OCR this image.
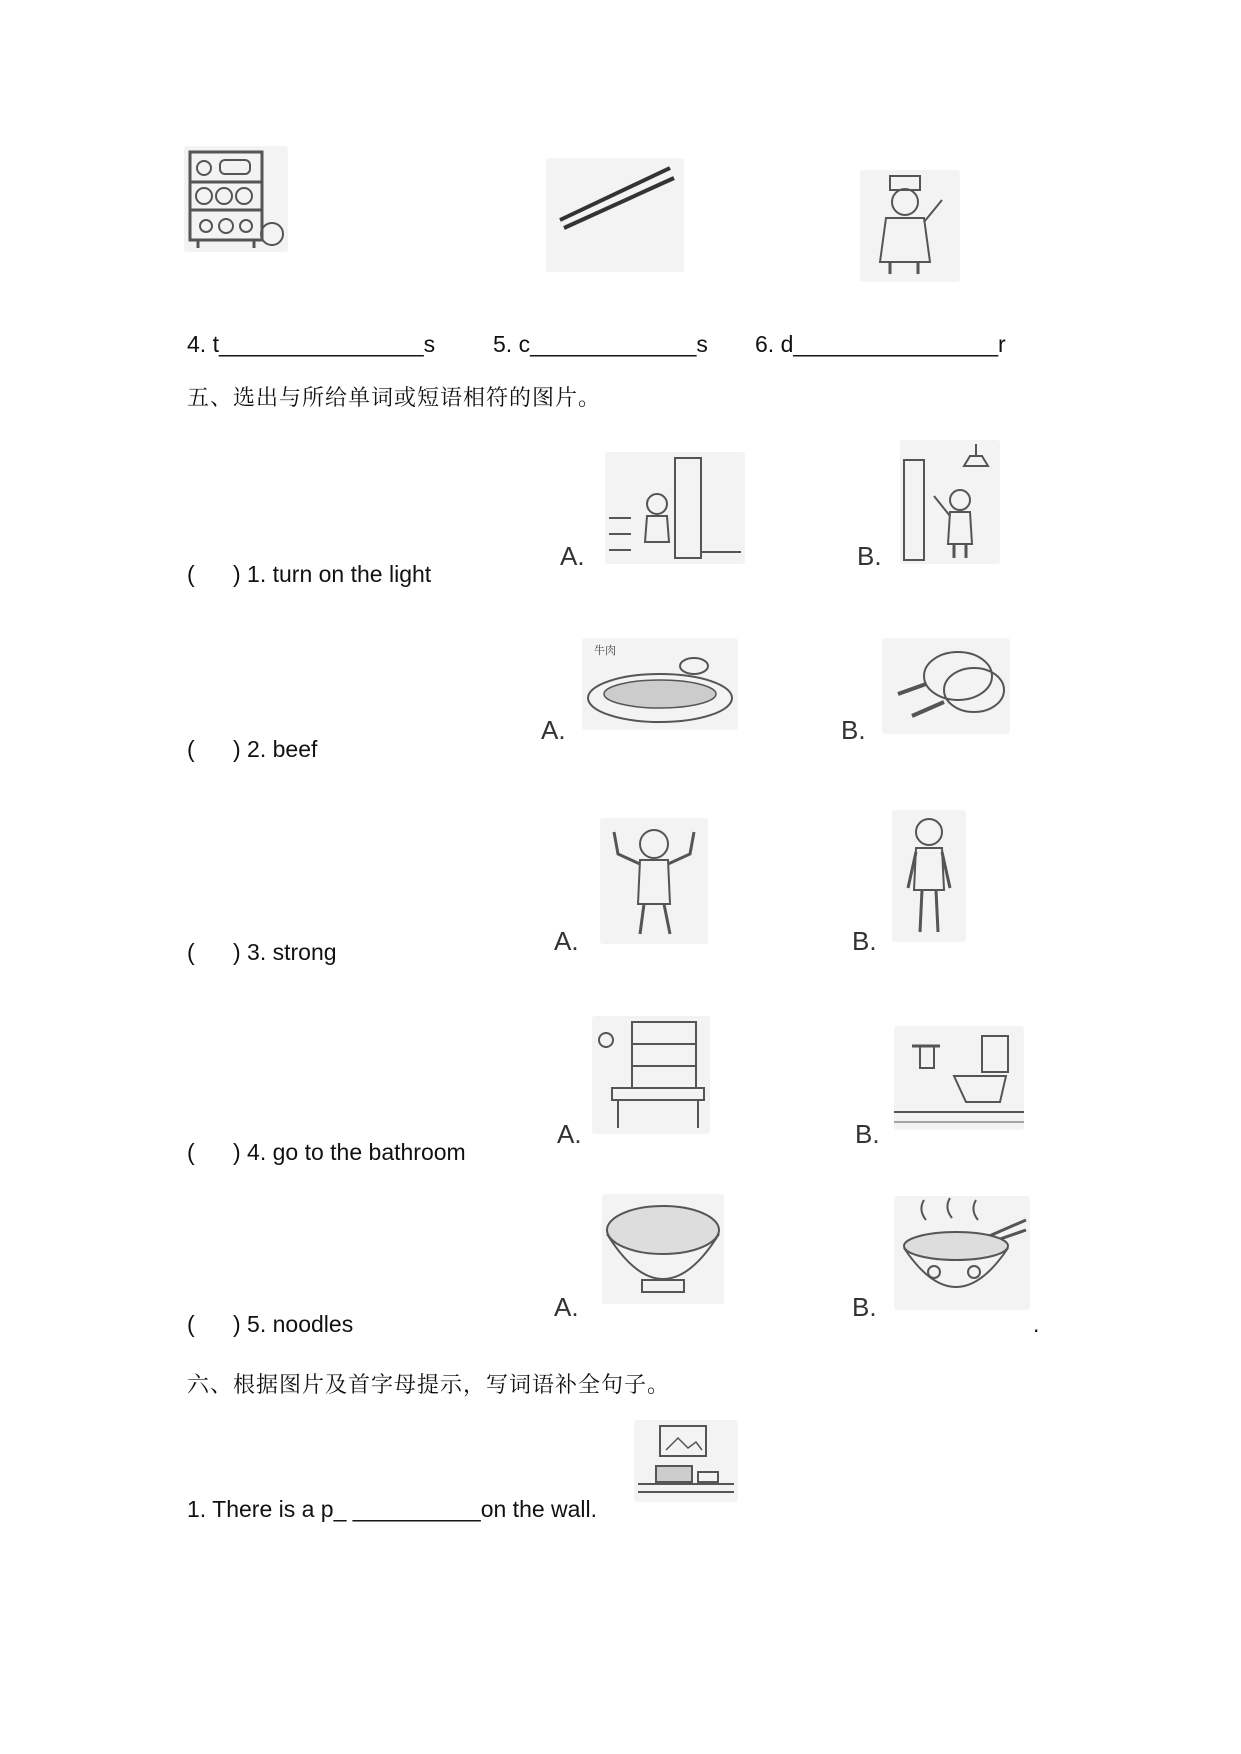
4. t________________s	5. c_____________s 6. d________________r
五、选出与所给单词或短语相符的图片。
(      ) 1. turn on the light
A.	B.
(      ) 2. beef
A.
牛肉
B.
(      ) 3. strong	A.	B.
(      ) 4. go to the bathroom
A.	B.
(      ) 5. noodles
A.	B.
.
六、根据图片及首字母提示，写词语补全句子。
1. There is a p_ __________on the wall.
